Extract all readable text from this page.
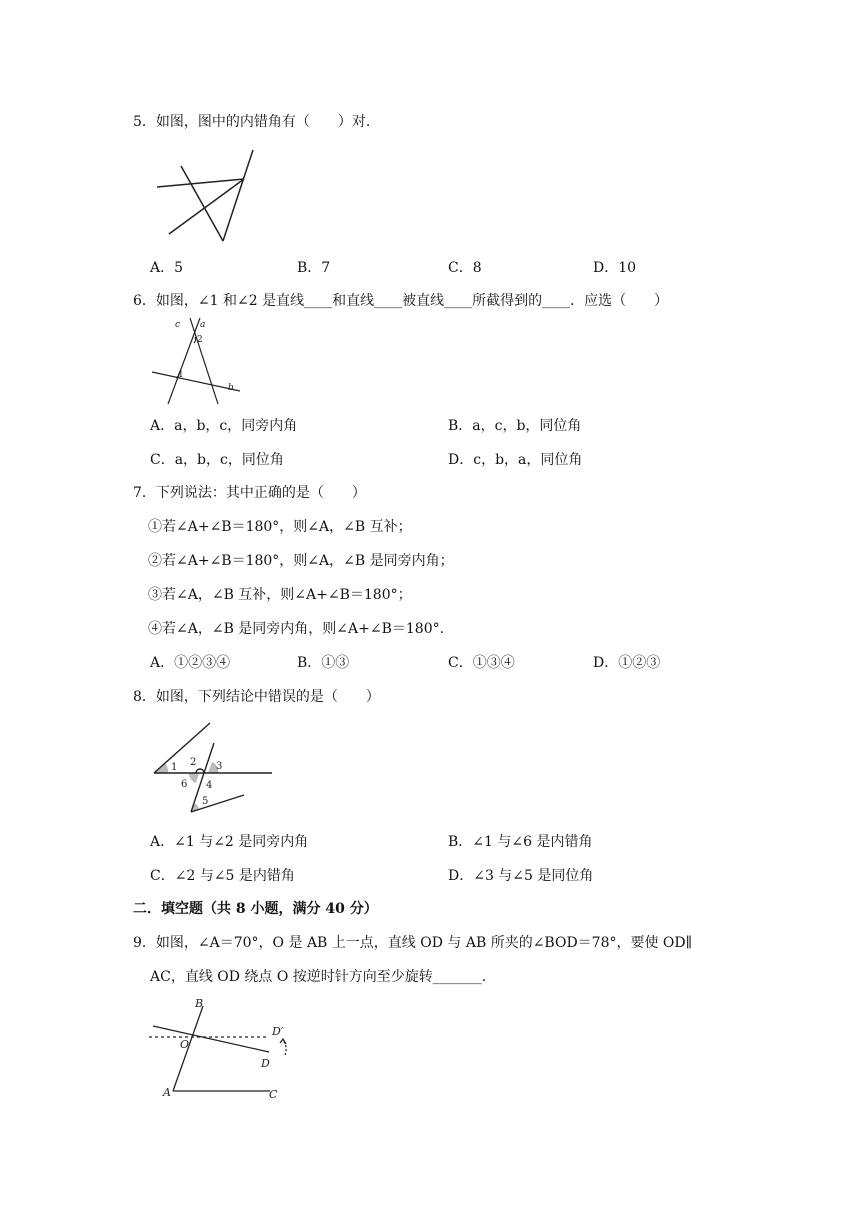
5．如图，图中的内错角有（　　）对.
A．5	B．7	C．8	D．10
6．如图，∠1 和∠2 是直线____和直线____被直线____所截得到的____．应选（　　）
c a
b
2
1
A．a，b，c，同旁内角	B．a，c，b，同位角
C．a，b，c，同位角	D．c，b，a，同位角
7．下列说法：其中正确的是（　　）
①若∠A+∠B＝180°，则∠A，∠B 互补；
②若∠A+∠B＝180°，则∠A，∠B 是同旁内角；
③若∠A，∠B 互补，则∠A+∠B＝180°；
④若∠A，∠B 是同旁内角，则∠A+∠B＝180°.
A．①②③④	B．①③	C．①③④	D．①②③
8．如图，下列结论中错误的是（　　）
1 2 3
6 4
5
A．∠1 与∠2 是同旁内角	B．∠1 与∠6 是内错角
C．∠2 与∠5 是内错角	D．∠3 与∠5 是同位角
二．填空题（共 8 小题，满分 40 分）
9．如图，∠A＝70°，O 是 AB 上一点，直线 OD 与 AB 所夹的∠BOD＝78°，要使 OD∥
AC，直线 OD 绕点 O 按逆时针方向至少旋转_______.
B
D′
O
D
A	C
